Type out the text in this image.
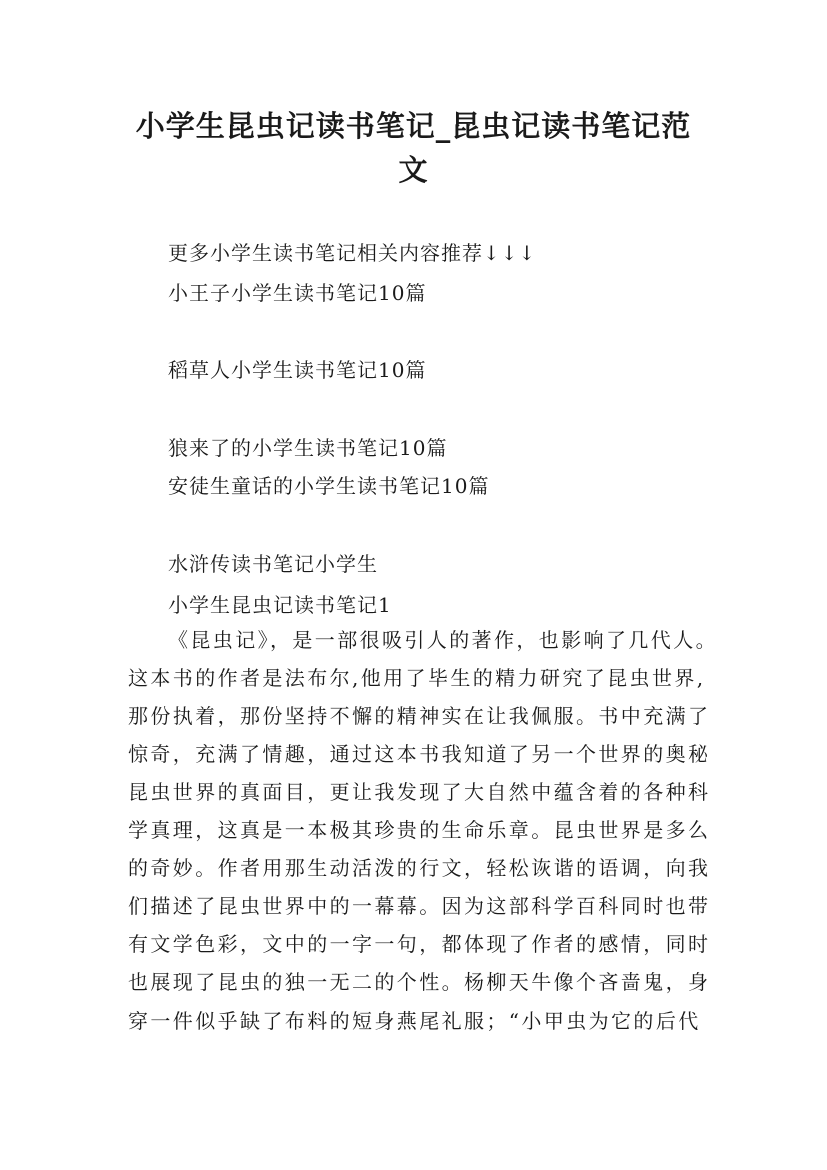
小学生昆虫记读书笔记_昆虫记读书笔记范
文
更多小学生读书笔记相关内容推荐↓↓↓
小王子小学生读书笔记10篇
稻草人小学生读书笔记10篇
狼来了的小学生读书笔记10篇
安徒生童话的小学生读书笔记10篇
水浒传读书笔记小学生
小学生昆虫记读书笔记1
《昆虫记》，是一部很吸引人的著作，也影响了几代人。
这本书的作者是法布尔,他用了毕生的精力研究了昆虫世界,
那份执着，那份坚持不懈的精神实在让我佩服。书中充满了
惊奇，充满了情趣，通过这本书我知道了另一个世界的奥秘
昆虫世界的真面目，更让我发现了大自然中蕴含着的各种科
学真理，这真是一本极其珍贵的生命乐章。昆虫世界是多么
的奇妙。作者用那生动活泼的行文，轻松诙谐的语调，向我
们描述了昆虫世界中的一幕幕。因为这部科学百科同时也带
有文学色彩，文中的一字一句，都体现了作者的感情，同时
也展现了昆虫的独一无二的个性。杨柳天牛像个吝啬鬼，身
穿一件似乎缺了布料的短身燕尾礼服；“小甲虫为它的后代
